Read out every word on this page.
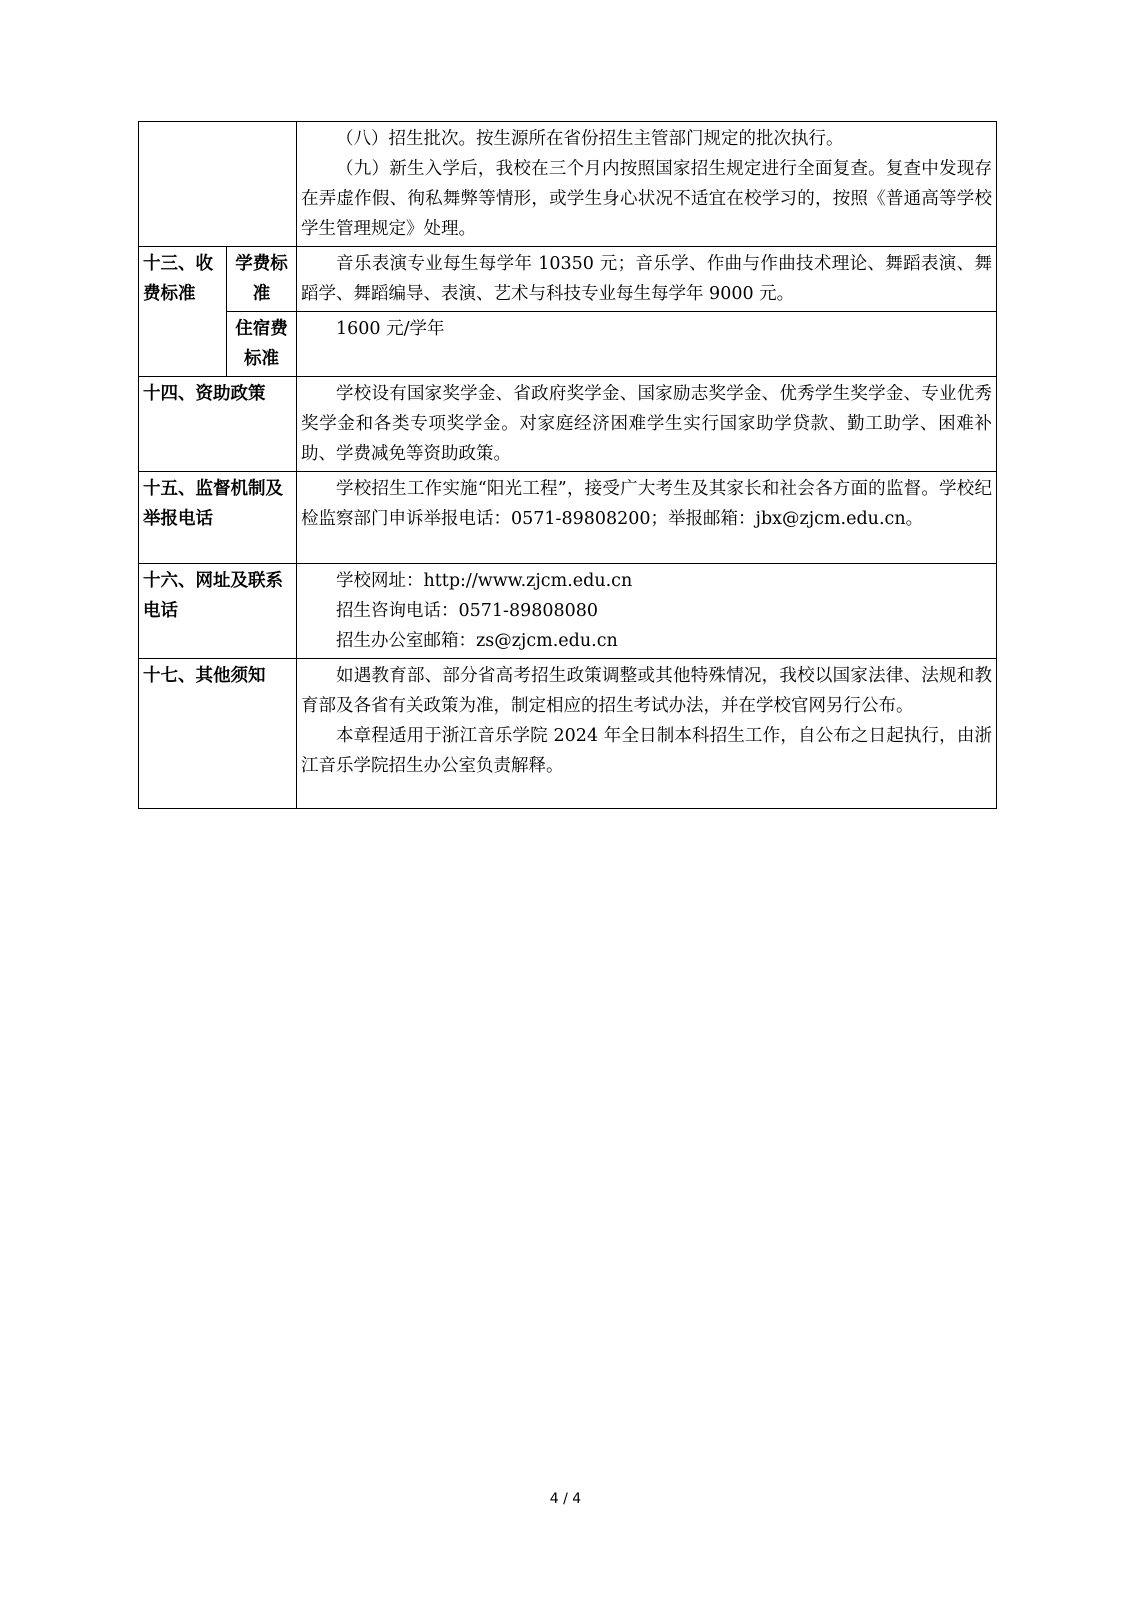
		（八）招生批次。按生源所在省份招生主管部门规定的批次执行。

（九）新生入学后，我校在三个月内按照国家招生规定进行全面复查。复查中发现存在弄虚作假、徇私舞弊等情形，或学生身心状况不适宜在校学习的，按照《普通高等学校学生管理规定》处理。

十三、收费标准	学费标准	音乐表演专业每生每学年 10350 元；音乐学、作曲与作曲技术理论、舞蹈表演、舞蹈学、舞蹈编导、表演、艺术与科技专业每生每学年 9000 元。

	住宿费标准	1600 元/学年

十四、资助政策		学校设有国家奖学金、省政府奖学金、国家励志奖学金、优秀学生奖学金、专业优秀奖学金和各类专项奖学金。对家庭经济困难学生实行国家助学贷款、勤工助学、困难补助、学费减免等资助政策。

十五、监督机制及举报电话		学校招生工作实施“阳光工程”，接受广大考生及其家长和社会各方面的监督。学校纪检监察部门申诉举报电话：0571-89808200；举报邮箱：jbx@zjcm.edu.cn。

十六、网址及联系电话		学校网址：http://www.zjcm.edu.cn

招生咨询电话：0571-89808080

招生办公室邮箱：zs@zjcm.edu.cn

十七、其他须知		如遇教育部、部分省高考招生政策调整或其他特殊情况，我校以国家法律、法规和教育部及各省有关政策为准，制定相应的招生考试办法，并在学校官网另行公布。

本章程适用于浙江音乐学院 2024 年全日制本科招生工作，自公布之日起执行，由浙江音乐学院招生办公室负责解释。

4 / 4
